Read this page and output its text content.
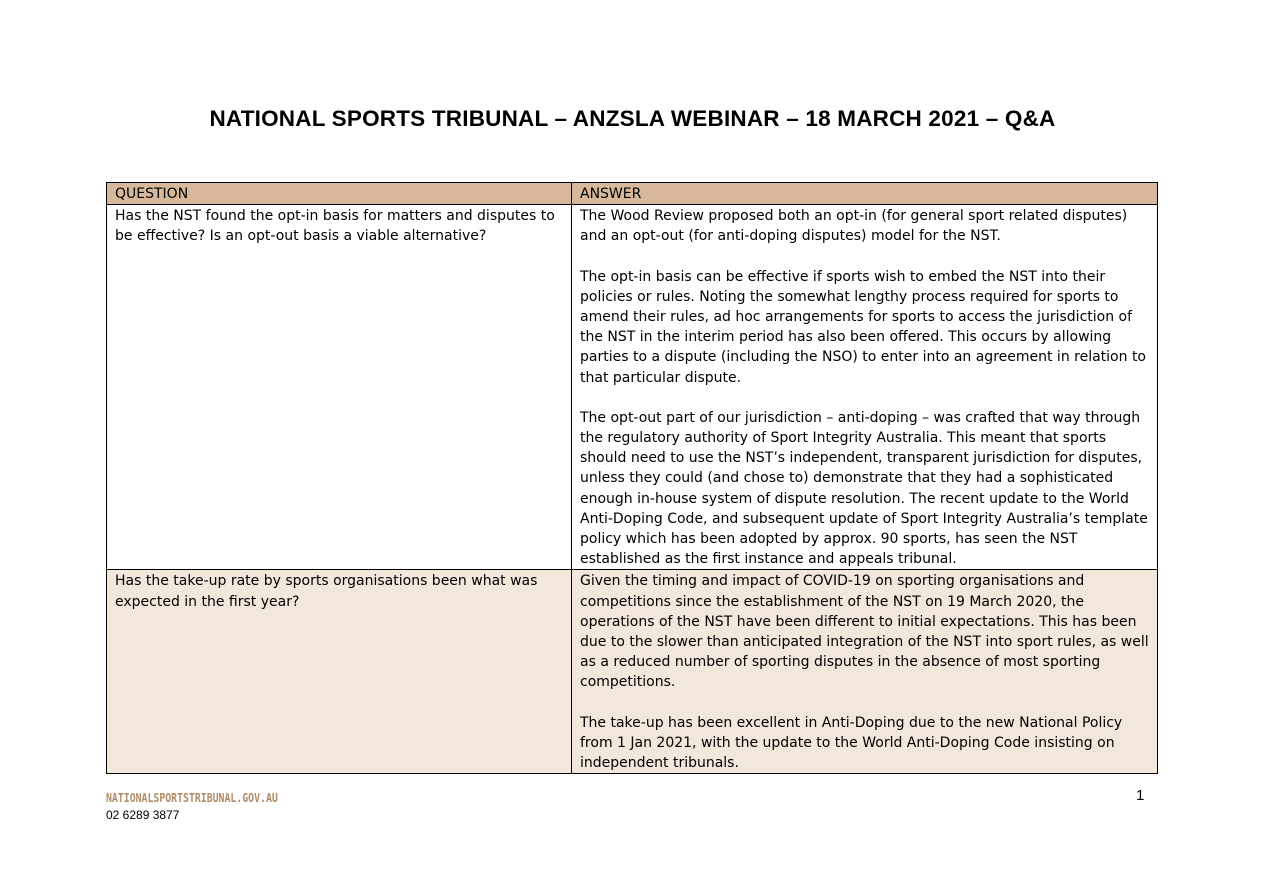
NATIONAL SPORTS TRIBUNAL – ANZSLA WEBINAR – 18 MARCH 2021 – Q&A
QUESTION	ANSWER

Has the NST found the opt-in basis for matters and disputes to be effective? Is an opt-out basis a viable alternative?	The Wood Review proposed both an opt-in (for general sport related disputes) and an opt-out (for anti-doping disputes) model for the NST.

The opt-in basis can be effective if sports wish to embed the NST into their policies or rules. Noting the somewhat lengthy process required for sports to amend their rules, ad hoc arrangements for sports to access the jurisdiction of the NST in the interim period has also been offered. This occurs by allowing parties to a dispute (including the NSO) to enter into an agreement in relation to that particular dispute.

The opt-out part of our jurisdiction – anti-doping – was crafted that way through the regulatory authority of Sport Integrity Australia. This meant that sports should need to use the NST’s independent, transparent jurisdiction for disputes, unless they could (and chose to) demonstrate that they had a sophisticated enough in-house system of dispute resolution. The recent update to the World Anti-Doping Code, and subsequent update of Sport Integrity Australia’s template policy which has been adopted by approx. 90 sports, has seen the NST established as the first instance and appeals tribunal.

Has the take-up rate by sports organisations been what was expected in the first year?	Given the timing and impact of COVID-19 on sporting organisations and competitions since the establishment of the NST on 19 March 2020, the operations of the NST have been different to initial expectations. This has been due to the slower than anticipated integration of the NST into sport rules, as well as a reduced number of sporting disputes in the absence of most sporting competitions.

The take-up has been excellent in Anti-Doping due to the new National Policy from 1 Jan 2021, with the update to the World Anti-Doping Code insisting on independent tribunals.

NATIONALSPORTSTRIBUNAL.GOV.AU
02 6289 3877
1
